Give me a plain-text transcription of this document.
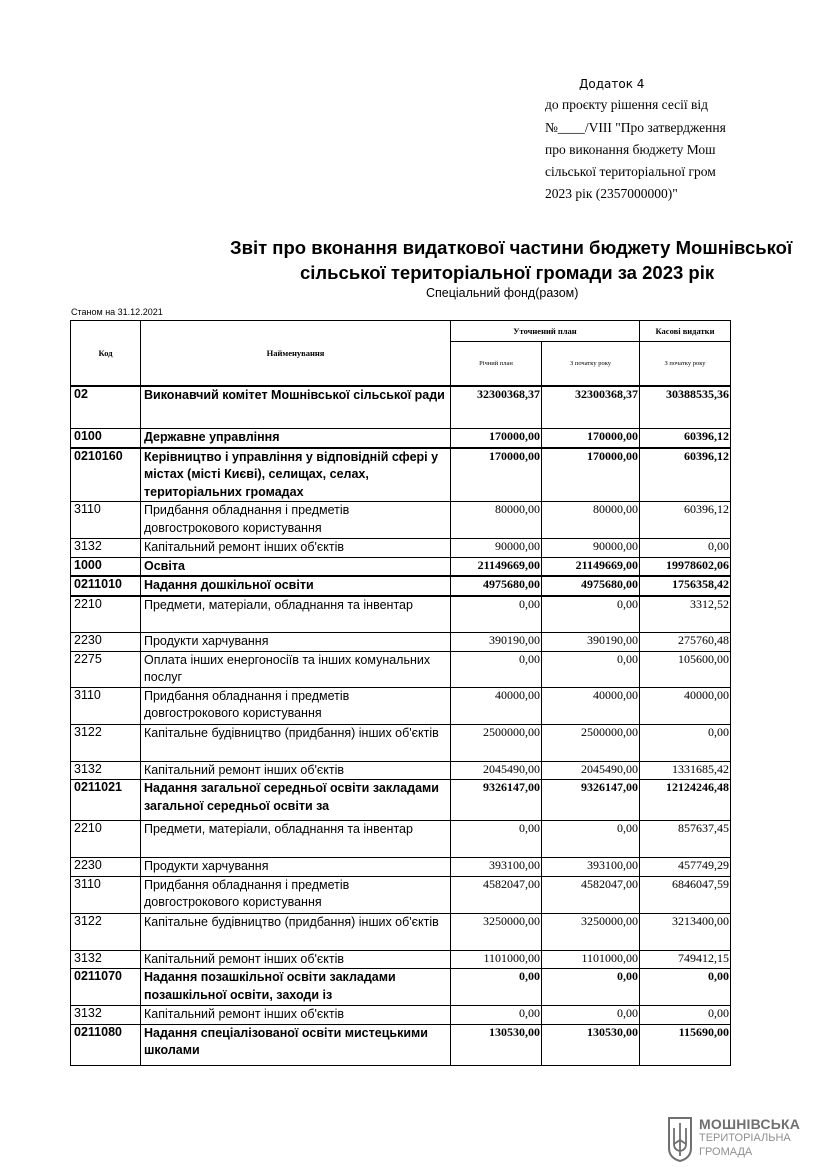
Додаток 4
до проєкту рішення сесії від
№____/VIII "Про затвердження
про виконання бюджету Мош
сільської територіальної гром
2023 рік (2357000000)"
Звіт про вконання видаткової частини бюджету Мошнівської
сільської територіальної громади за 2023 рік
Спеціальний фонд(разом)
Станом на 31.12.2021
Код	Найменування	Уточнений план		Касові видатки
		Річний план	З початку року	З початку року
02	Виконавчий комітет Мошнівської сільської ради	32300368,37	32300368,37	30388535,36
0100	Державне управління	170000,00	170000,00	60396,12
0210160	Керівництво і управління у відповідній сфері у містах (місті Києві), селищах, селах, територіальних громадах	170000,00	170000,00	60396,12
3110	Придбання обладнання і предметів довгострокового користування	80000,00	80000,00	60396,12
3132	Капітальний ремонт інших об'єктів	90000,00	90000,00	0,00
1000	Освіта	21149669,00	21149669,00	19978602,06
0211010	Надання дошкільної освіти	4975680,00	4975680,00	1756358,42
2210	Предмети, матеріали, обладнання та інвентар	0,00	0,00	3312,52
2230	Продукти харчування	390190,00	390190,00	275760,48
2275	Оплата інших енергоносіїв та інших комунальних послуг	0,00	0,00	105600,00
3110	Придбання обладнання і предметів довгострокового користування	40000,00	40000,00	40000,00
3122	Капітальне будівництво (придбання) інших об'єктів	2500000,00	2500000,00	0,00
3132	Капітальний ремонт інших об'єктів	2045490,00	2045490,00	1331685,42
0211021	Надання загальної середньої освіти закладами загальної середньої освіти за	9326147,00	9326147,00	12124246,48
2210	Предмети, матеріали, обладнання та інвентар	0,00	0,00	857637,45
2230	Продукти харчування	393100,00	393100,00	457749,29
3110	Придбання обладнання і предметів довгострокового користування	4582047,00	4582047,00	6846047,59
3122	Капітальне будівництво (придбання) інших об'єктів	3250000,00	3250000,00	3213400,00
3132	Капітальний ремонт інших об'єктів	1101000,00	1101000,00	749412,15
0211070	Надання позашкільної освіти закладами позашкільної освіти, заходи із	0,00	0,00	0,00
3132	Капітальний ремонт інших об'єктів	0,00	0,00	0,00
0211080	Надання спеціалізованої освіти мистецькими школами	130530,00	130530,00	115690,00
МОШНІВСЬКА
ТЕРИТОРІАЛЬНА
ГРОМАДА
